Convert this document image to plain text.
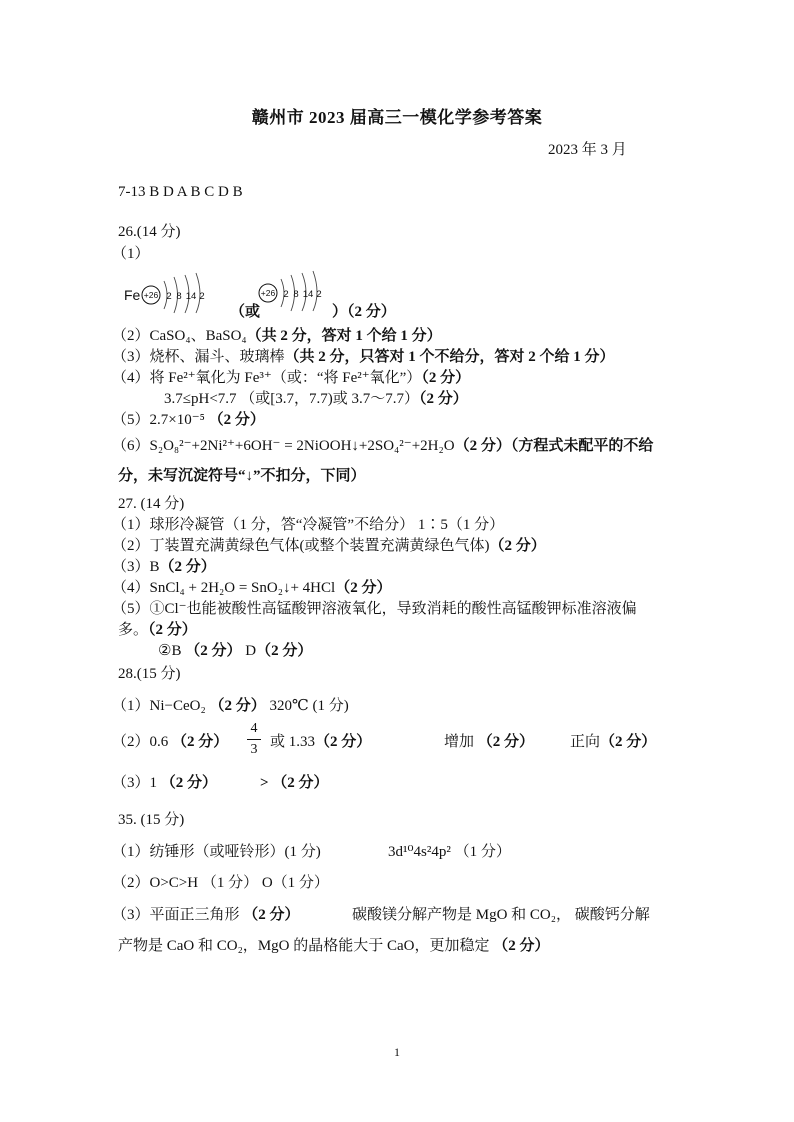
赣州市 2023 届高三一模化学参考答案
2023 年 3 月
7-13 B D A B C D B
26.(14 分)
（1）
Fe +26 2 8 14 2
（或
+26 2 8 14 2
）（2 分）
（2）CaSO₄、BaSO₄（共 2 分，答对 1 个给 1 分）
（3）烧杯、漏斗、玻璃棒（共 2 分，只答对 1 个不给分，答对 2 个给 1 分）
（4）将 Fe²⁺氧化为 Fe³⁺（或：“将 Fe²⁺氧化”）（2 分）
3.7≤pH<7.7 （或[3.7，7.7)或 3.7～7.7）（2 分）
（5）2.7×10⁻⁵ （2 分）
（6）S₂O₈²⁻+2Ni²⁺+6OH⁻ = 2NiOOH↓+2SO₄²⁻+2H₂O（2 分）（方程式未配平的不给
分，未写沉淀符号“↓”不扣分，下同）
27. (14 分)
（1）球形冷凝管（1 分，答“冷凝管”不给分） 1∶5（1 分）
（2）丁装置充满黄绿色气体(或整个装置充满黄绿色气体)（2 分）
（3）B（2 分）
（4）SnCl₄ + 2H₂O = SnO₂↓+ 4HCl（2 分）
（5）①Cl⁻也能被酸性高锰酸钾溶液氧化，导致消耗的酸性高锰酸钾标准溶液偏
多。（2 分）
②B （2 分） D（2 分）
28.(15 分)
（1）Ni−CeO₂ （2 分） 320℃ (1 分)
（2）0.6 （2 分）
4
3 或 1.33（2 分）	增加 （2 分） 正向（2 分）
（3）1 （2 分）	> （2 分）
35. (15 分)
（1）纺锤形（或哑铃形）(1 分)	3d¹⁰4s²4p² （1 分）
（2）O>C>H （1 分） O（1 分）
（3）平面正三角形 （2 分）	碳酸镁分解产物是 MgO 和 CO₂， 碳酸钙分解
产物是 CaO 和 CO₂，MgO 的晶格能大于 CaO，更加稳定 （2 分）
1
